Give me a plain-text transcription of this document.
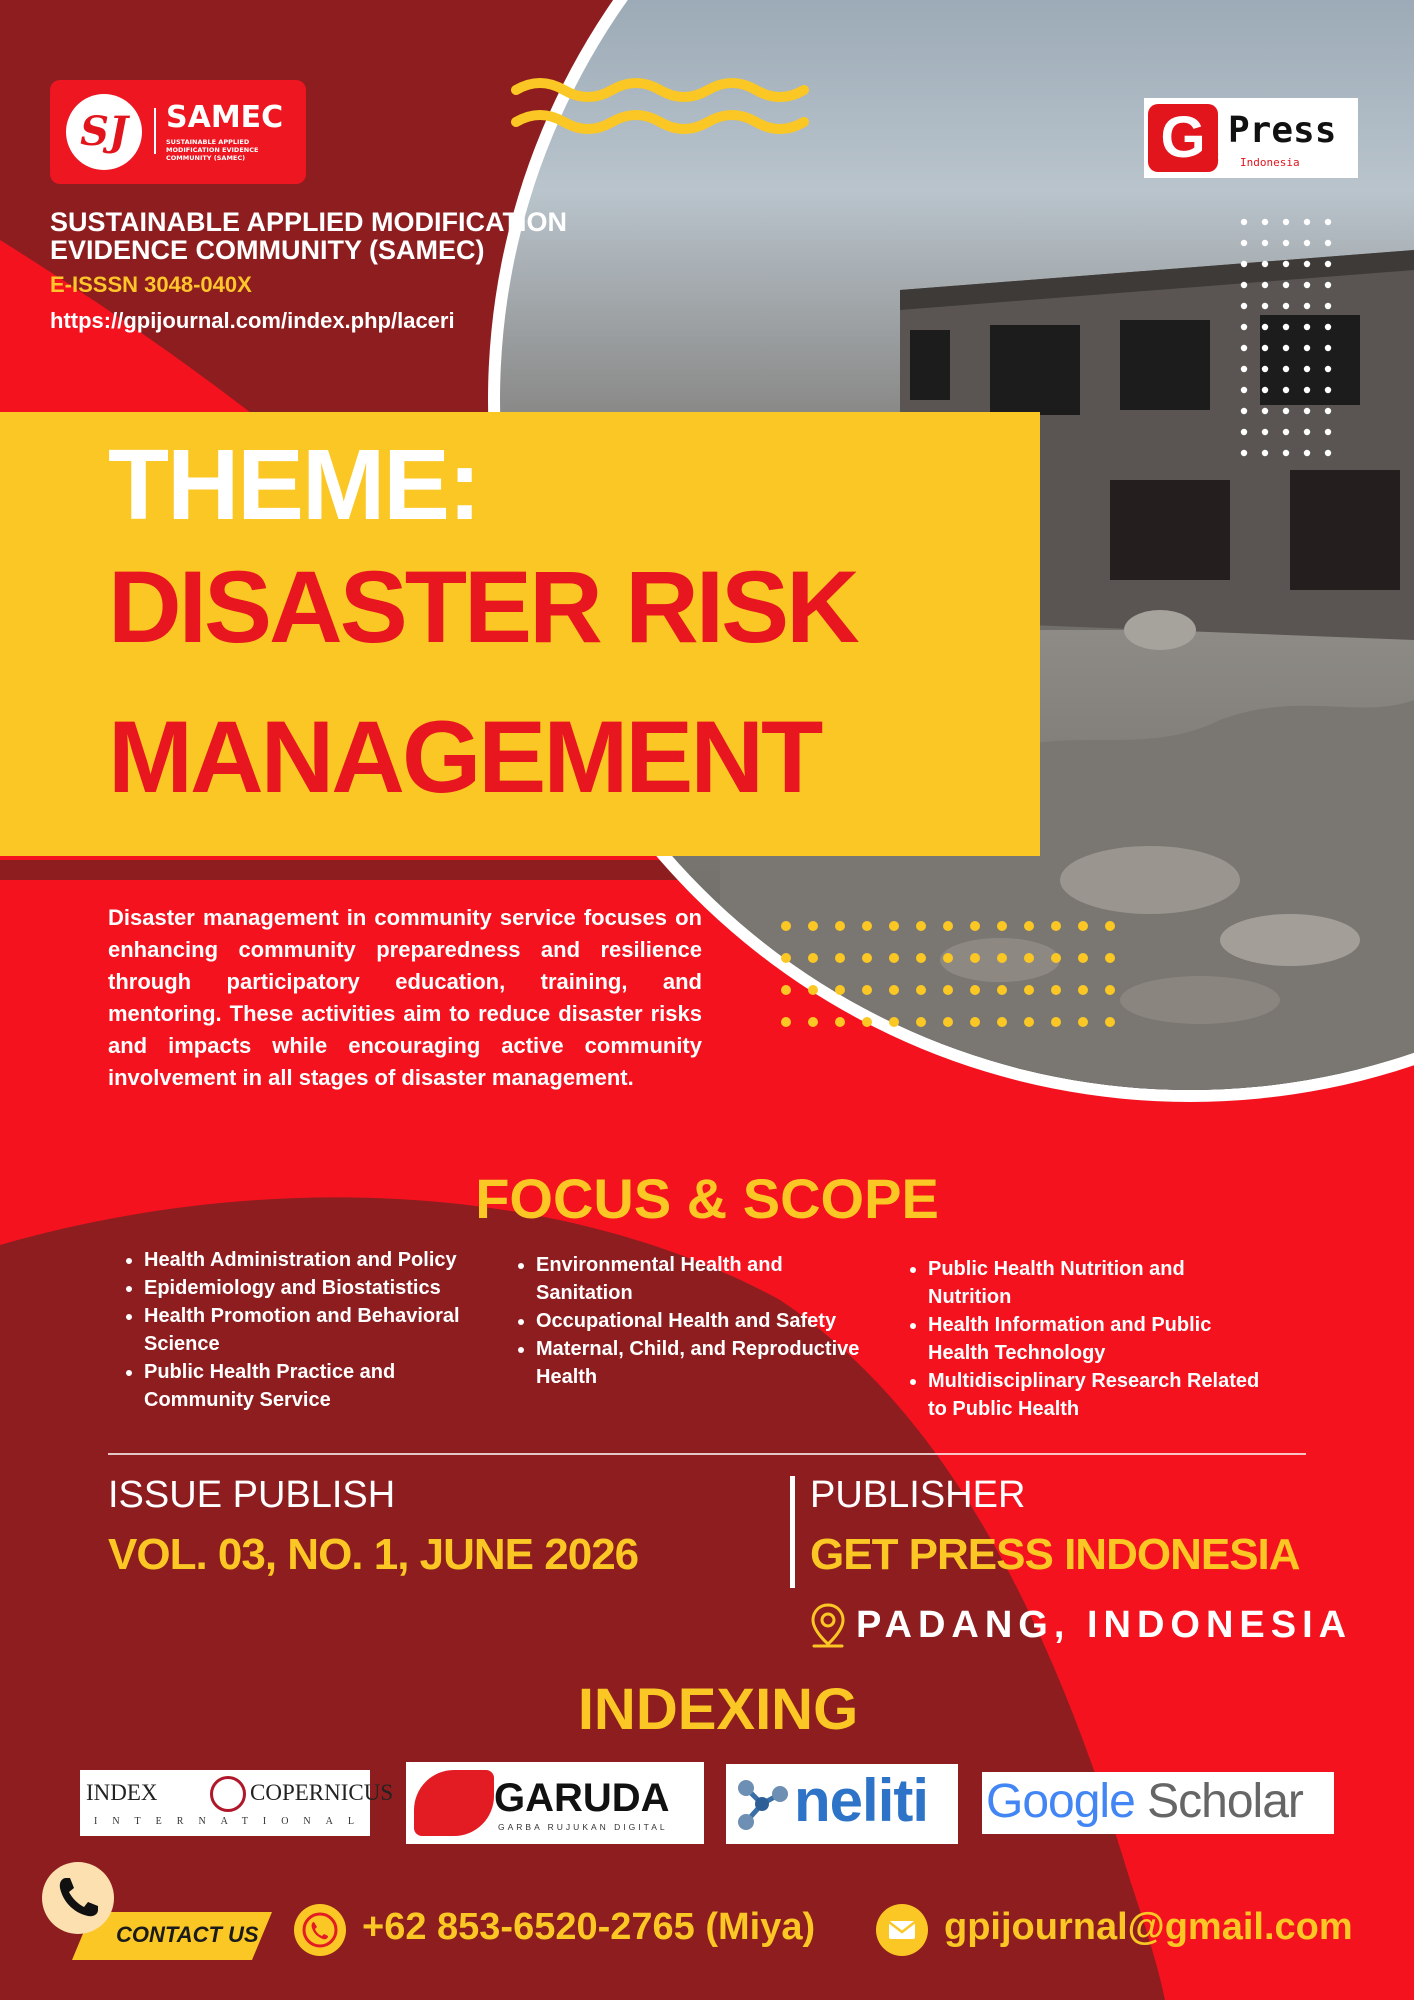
SJ	SAMEC
SUSTAINABLE APPLIED MODIFICATION EVIDENCE COMMUNITY (SAMEC)
SUSTAINABLE APPLIED MODIFICATION EVIDENCE COMMUNITY (SAMEC)
E-ISSSN 3048-040X
https://gpijournal.com/index.php/laceri
G et
Press
Indonesia
THEME:
DISASTER RISK
MANAGEMENT
Disaster management in community service focuses on enhancing community preparedness and resilience through participatory education, training, and mentoring. These activities aim to reduce disaster risks and impacts while encouraging active community involvement in all stages of disaster management.
FOCUS & SCOPE
• Health Administration and Policy
• Epidemiology and Biostatistics
• Health Promotion and Behavioral Science
• Public Health Practice and Community Service
• Environmental Health and Sanitation
• Occupational Health and Safety
• Maternal, Child, and Reproductive Health
• Public Health Nutrition and Nutrition
• Health Information and Public Health Technology
• Multidisciplinary Research Related to Public Health
ISSUE PUBLISH
VOL. 03, NO. 1, JUNE 2026
PUBLISHER
GET PRESS INDONESIA
PADANG, INDONESIA
INDEXING
INDEX	COPERNICUS
INTERNATIONAL
GARUDA
GARBA RUJUKAN DIGITAL neliti Google Scholar
CONTACT US	+62 853-6520-2765 (Miya)	gpijournal@gmail.com
